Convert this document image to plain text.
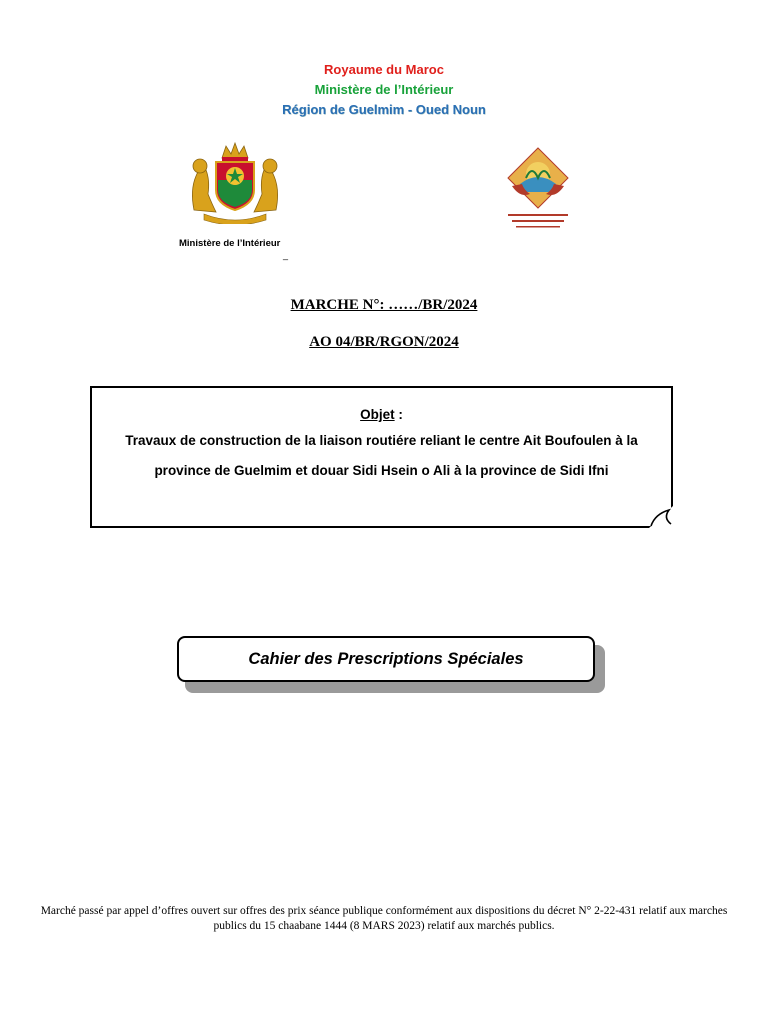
Royaume du Maroc
Ministère de l’Intérieur
Région de Guelmim - Oued Noun
Ministère de l’Intérieur
_
MARCHE N°: ……/BR/2024
AO 04/BR/RGON/2024
Objet :
Travaux de construction de la liaison routiére reliant le centre Ait Boufoulen à la province de Guelmim et douar Sidi Hsein o Ali à la province de Sidi Ifni
Cahier des Prescriptions Spéciales
Marché passé par appel d’offres ouvert sur offres des prix séance publique conformément aux dispositions du décret N° 2-22-431 relatif aux marches publics du 15 chaabane 1444 (8 MARS 2023) relatif aux marchés publics.
